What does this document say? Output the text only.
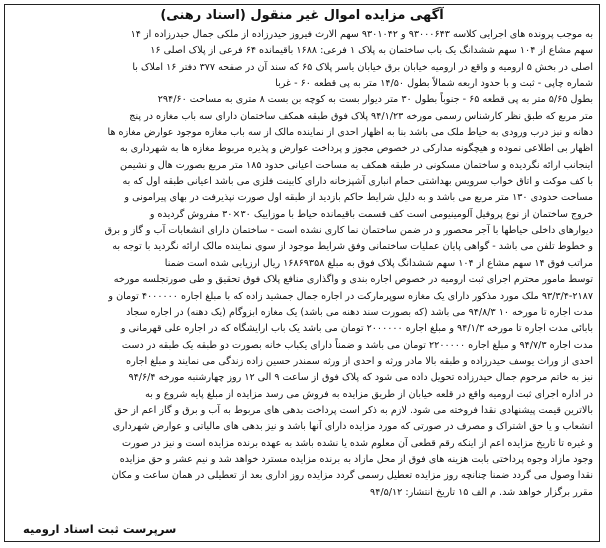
آگهی مزایده اموال غیر منقول (اسناد رهنی)
به موجب پرونده های اجرایی کلاسه ۹۳۰۰۰۶۴۳ و ۹۳۰۱۰۴۲ سهم الارث فیروز حیدرزاده از ملکی جمال حیدرزاده از ۱۴
سهم مشاع از ۱۰۴ سهم ششدانگ یک باب ساختمان به پلاک ۱ فرعی: ۱۶۸۸ باقیمانده ۶۴ فرعی از پلاک اصلی ۱۶
اصلی در بخش ۵ ارومیه و واقع در ارومیه خیابان برق خیابان یاسر پلاک ۶۵ که سند آن در صفحه ۳۷۷ دفتر ۱۶ املاک با
شماره چاپی - ثبت و با حدود اربعه شمالاً بطول ۱۴/۵۰ متر به پی قطعه ۶۰ - غربا
بطول ۵/۶۵ متر به پی قطعه ۶۵ - جنوباً بطول ۳۰ متر دیوار بست به کوچه بن بست ۸ متری به مساحت ۲۹۴/۶۰
متر مربع که طبق نظر کارشناس رسمی مورخه ۹۴/۱/۲۳ پلاک فوق طبقه همکف ساختمان دارای سه باب مغازه در پنج
دهانه و نیز درب ورودی به حیاط ملک می باشد بنا به اظهار احدی از نماینده مالک از سه باب مغازه موجود عوارض مغازه ها
اظهار بی اطلاعی نموده و هیچگونه مدارکی در خصوص مجوز و پرداخت عوارض و پذیره مربوط مغازه ها به شهرداری به
اینجانب ارائه نگردیده و ساختمان مسکونی در طبقه همکف به مساحت اعیانی حدود ۱۸۵ متر مربع بصورت هال و نشیمن
با کف موکت و اتاق خواب سرویس بهداشتی حمام انباری آشپزخانه دارای کابینت فلزی می باشد اعیانی طبقه اول که به
مساحت حدودی ۱۳۰ متر مربع می باشد و به دلیل شرایط حاکم بازدید از طبقه اول صورت نپذیرفت در بهای پیرامونی و
خروج ساختمان از نوع پروفیل آلومینیومی است کف قسمت باقیمانده حیاط با موزاییک ۳۰×۳۰ مفروش گردیده و
دیوارهای داخلی حیاطها با آجر محصور و در ضمن ساختمان نما کاری نشده است - ساختمان دارای انشعابات آب و گاز و برق
و خطوط تلفن می باشد - گواهی پایان عملیات ساختمانی وفق شرایط موجود از سوی نماینده مالک ارائه نگردید با توجه به
مراتب فوق ۱۴ سهم مشاع از ۱۰۴ سهم ششدانگ پلاک فوق به مبلغ ۱۶۸۶۹۳۵۸ ریال ارزیابی شده است ضمنا
توسط مامور محترم اجرای ثبت ارومیه در خصوص اجاره بندی و واگذاری منافع پلاک فوق تحقیق و طی صورتجلسه مورخه
۹۳/۳/۴-۲۱۸۷ ملک مورد مذکور دارای یک مغازه سوپرمارکت در اجاره جمال جمشید زاده که با مبلغ اجاره ۴۰۰۰۰۰۰ تومان و
مدت اجاره تا مورخه ۱۰ ۹۴/۸/۳ می باشد (که بصورت سند دهنه می باشد) یک مغازه ابزوگام (یک دهنه) در اجاره سجاد
بابائی مدت اجاره تا مورخه ۹۴/۱/۳ و مبلغ اجاره ۲۰۰۰۰۰۰ تومان می باشد یک باب ارایشگاه که در اجاره علی قهرمانی و
مدت اجاره ۹۴/۷/۳ و مبلغ اجاره ۲۲۰۰۰۰۰ تومان می باشد و ضمناً دارای یکباب خانه بصورت دو طبقه یک طبقه در دست
احدی از وراث یوسف حیدرزاده و طبقه بالا مادر ورثه و احدی از ورثه سمندر حسین زاده زندگی می نمایند و مبلغ اجاره
نیز به خاتم مرحوم جمال حیدرزاده تحویل داده می شود که پلاک فوق از ساعت ۹ الی ۱۲ روز چهارشنبه مورخه ۹۴/۶/۴
در اداره اجرای ثبت ارومیه واقع در قلعه خیابان از طریق مزایده به فروش می رسد مزایده از مبلغ پایه شروع و به
بالاترین قیمت پیشنهادی نقدا فروخته می شود. لازم به ذکر است پرداخت بدهی های مربوط به آب و برق و گاز اعم از حق
انشعاب و یا حق اشتراک و مصرف در صورتی که مورد مزایده دارای آنها باشد و نیز بدهی های مالیاتی و عوارض شهرداری
و غیره تا تاریخ مزایده اعم از اینکه رقم قطعی آن معلوم شده یا نشده باشد به عهده برنده مزایده است و نیز در صورت
وجود مازاد وجوه پرداختی بابت هزینه های فوق از محل مازاد به برنده مزایده مسترد خواهد شد و نیم عشر و حق مزایده
نقدا وصول می گردد ضمنا چنانچه روز مزایده تعطیل رسمی گردد مزایده روز اداری بعد از تعطیلی در همان ساعت و مکان
مقرر برگزار خواهد شد. م الف ۱۵ تاریخ انتشار: ۹۴/۵/۱۲
سرپرست ثبت اسناد ارومیه
